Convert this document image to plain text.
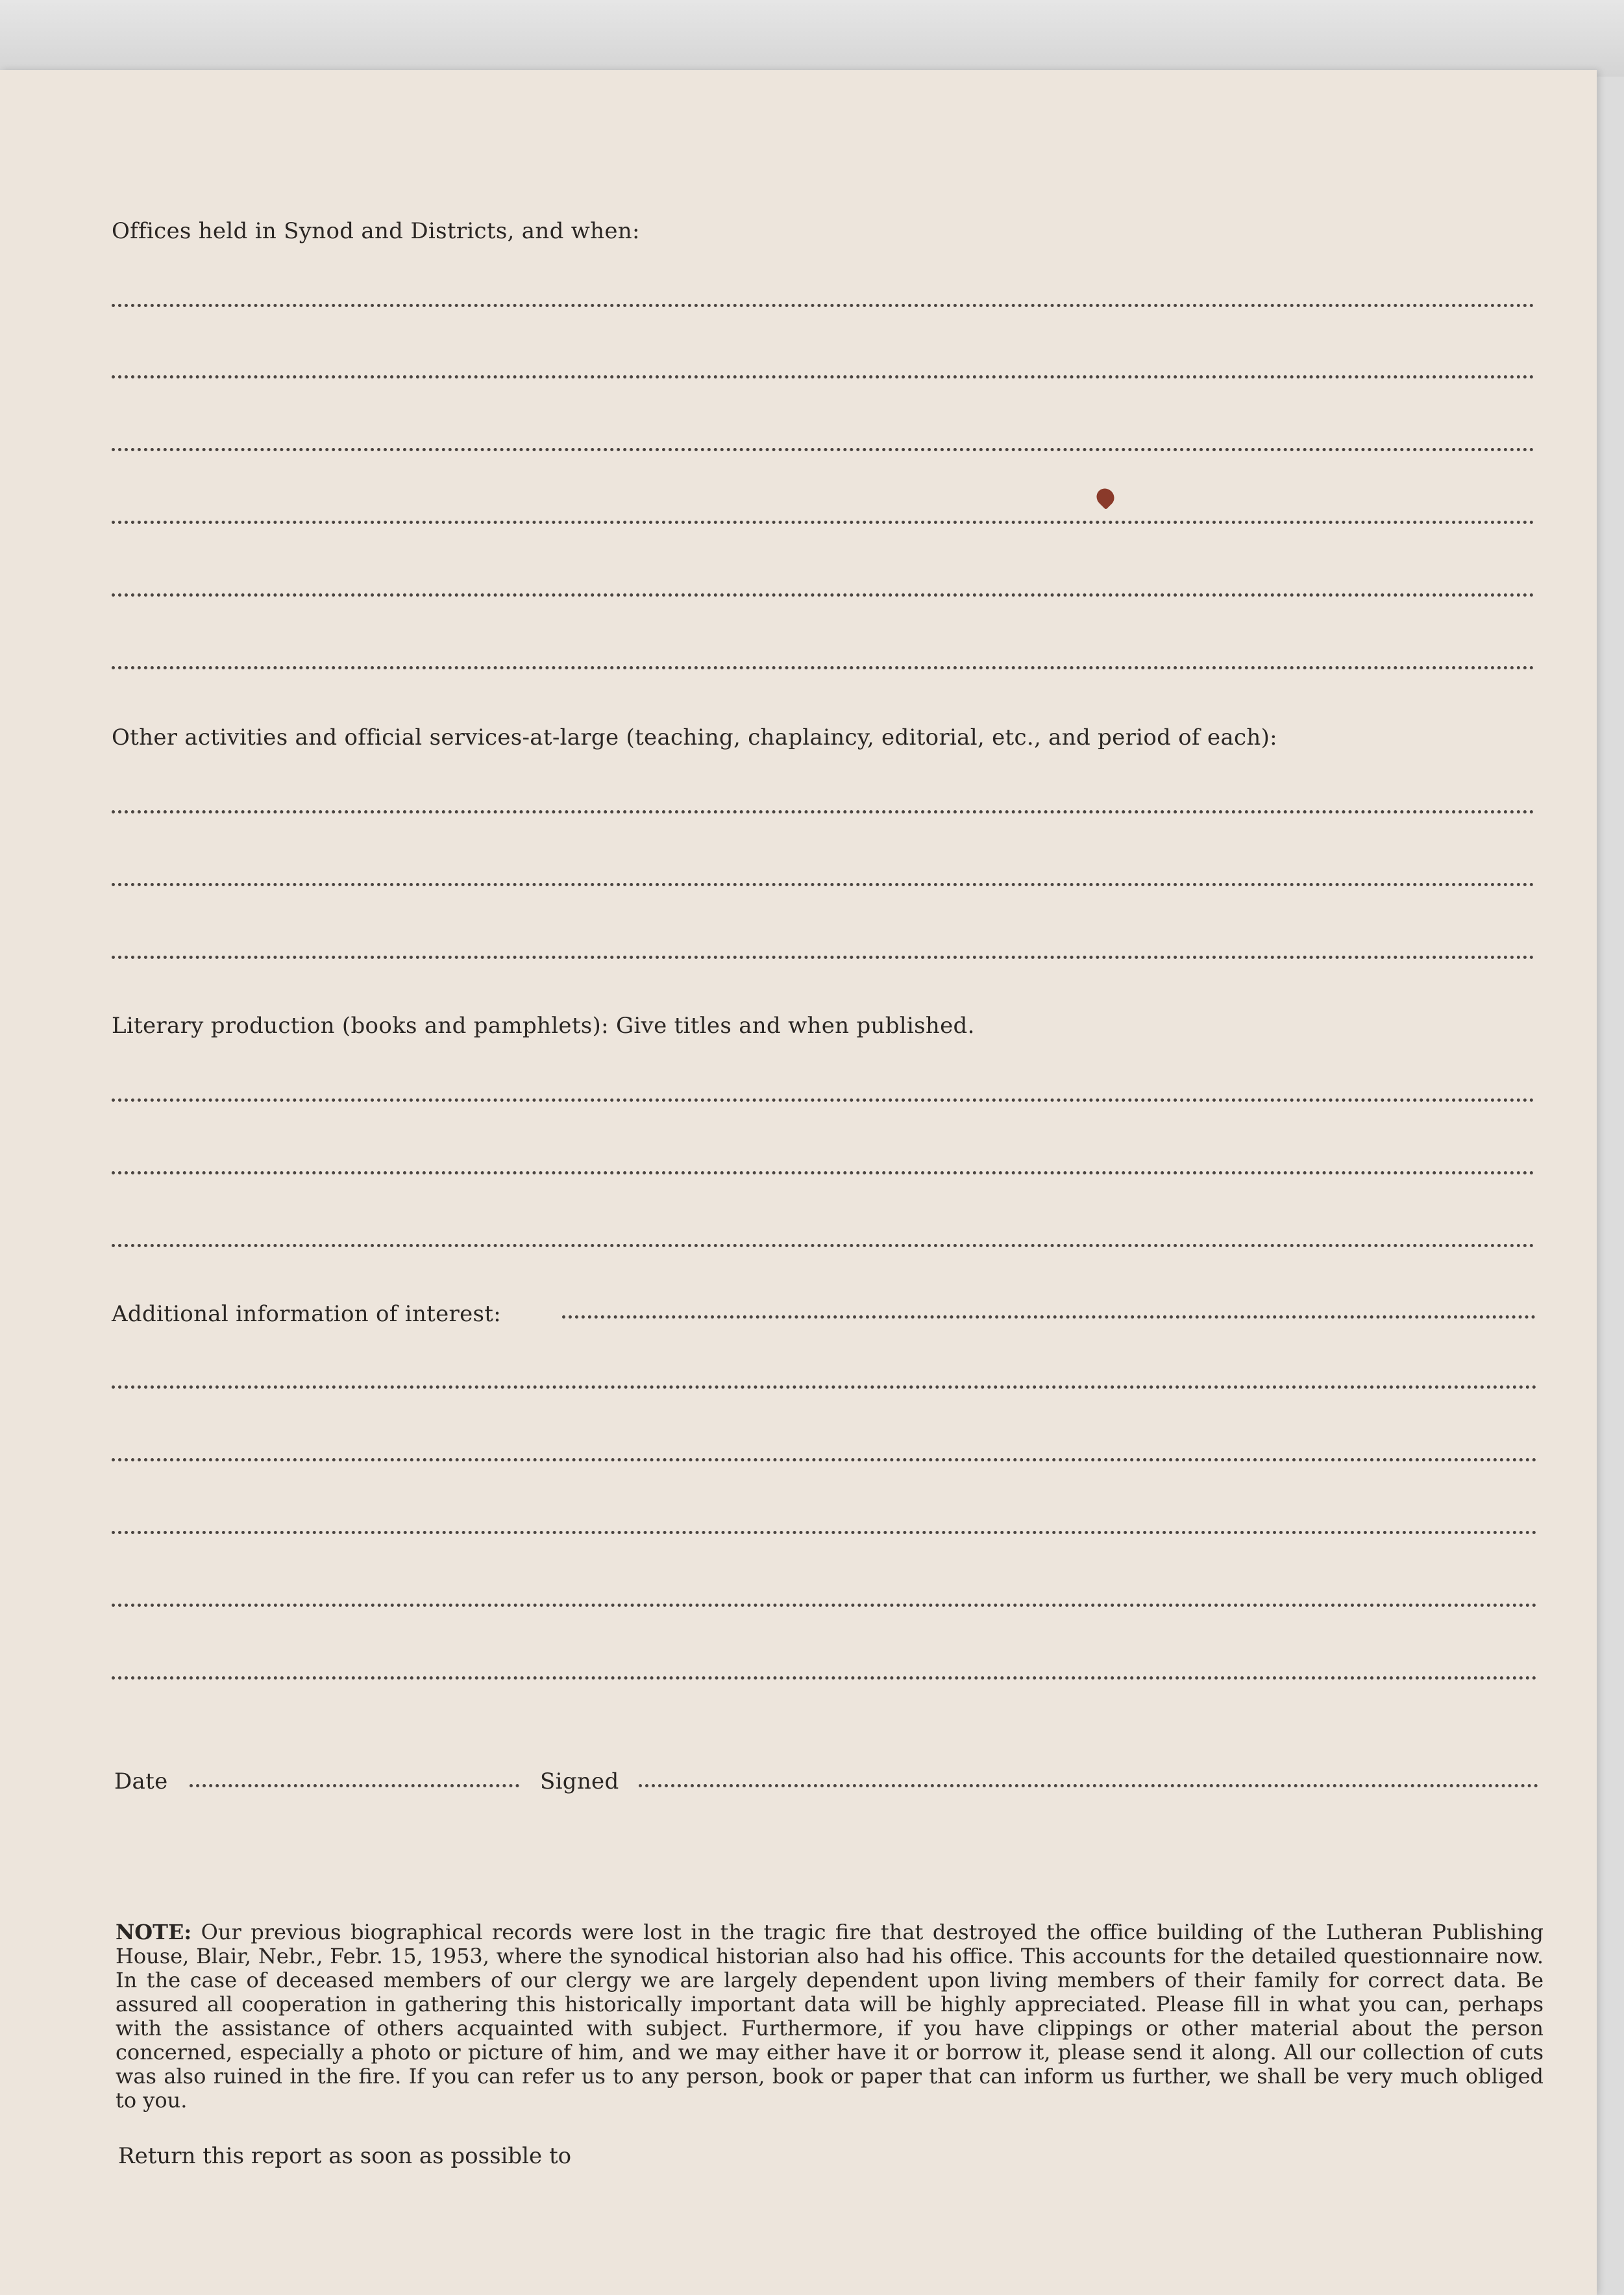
Offices held in Synod and Districts, and when:
Other activities and official services-at-large (teaching, chaplaincy, editorial, etc., and period of each):
Literary production (books and pamphlets): Give titles and when published.
Additional information of interest:
Date	Signed
NOTE: Our previous biographical records were lost in the tragic fire that destroyed the office building of the Lutheran Publishing House, Blair, Nebr., Febr. 15, 1953, where the synodical historian also had his office. This accounts for the detailed questionnaire now. In the case of deceased members of our clergy we are largely dependent upon living members of their family for correct data. Be assured all cooperation in gathering this historically important data will be highly appreciated. Please fill in what you can, perhaps with the assistance of others acquainted with subject. Furthermore, if you have clippings or other material about the person concerned, especially a photo or picture of him, and we may either have it or borrow it, please send it along. All our collection of cuts was also ruined in the fire. If you can refer us to any person, book or paper that can inform us further, we shall be very much obliged to you.
Return this report as soon as possible to
